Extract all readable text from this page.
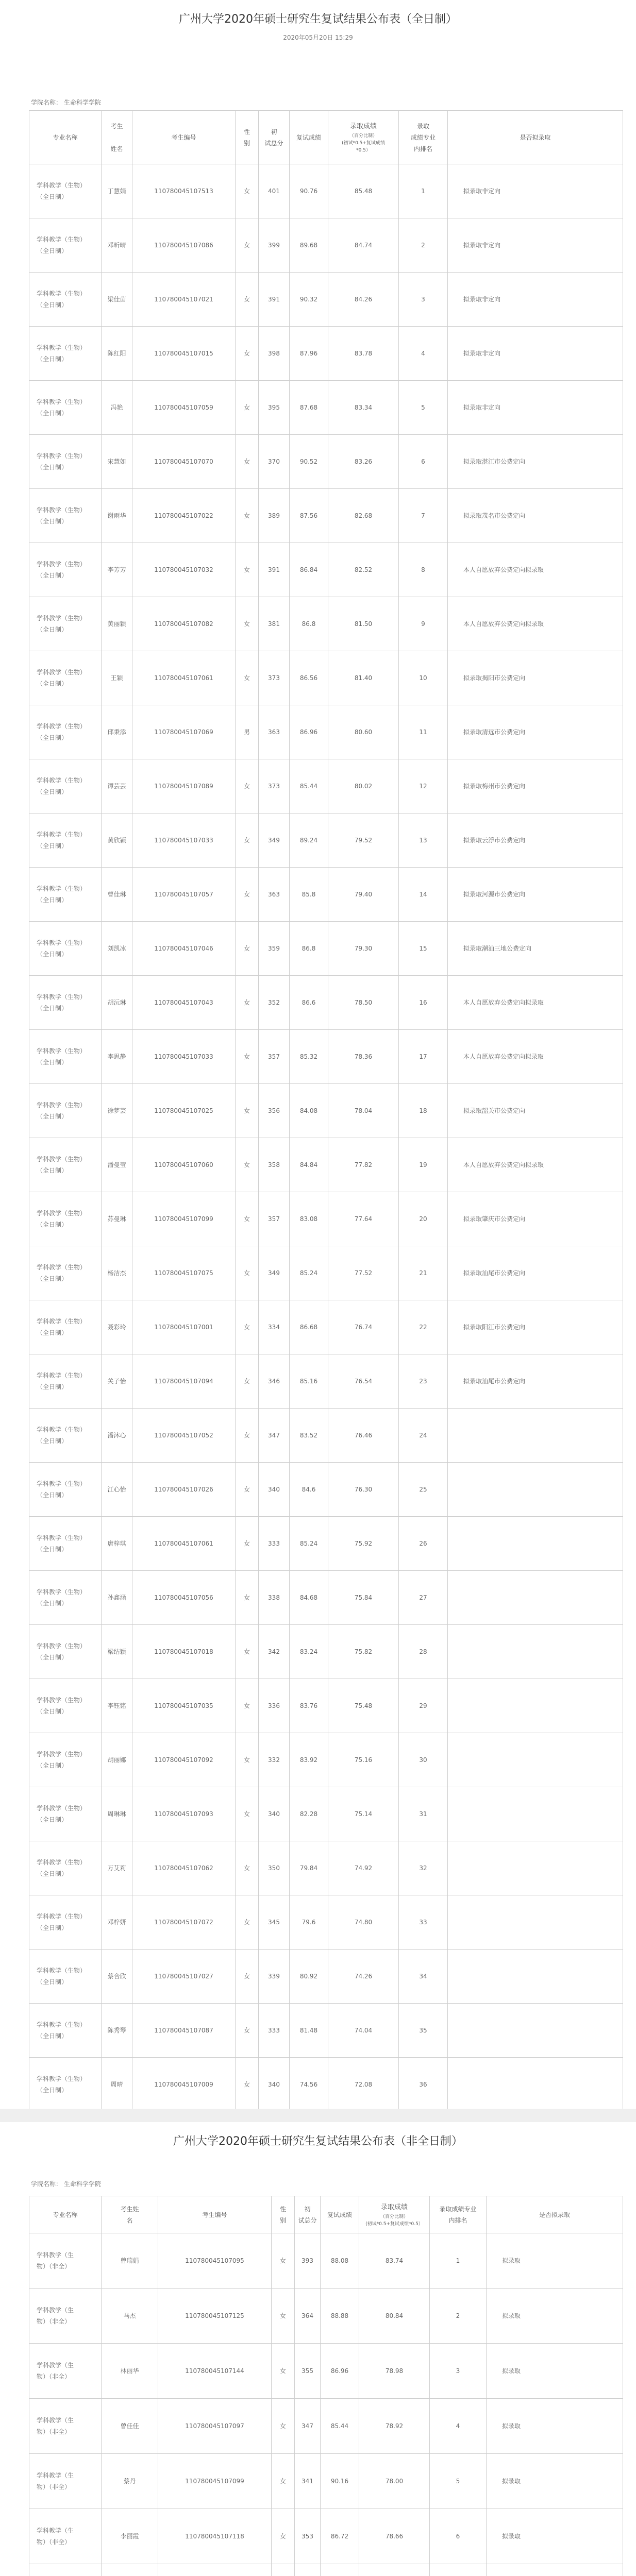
广州大学2020年硕士研究生复试结果公布表（全日制）
2020年05月20日 15:29
学院名称： 生命科学学院
专业名称	考生

姓名	考生编号	性
别	初
试总分	复试成绩	录取成绩
（百分比制）
(初试*0.5+复试成绩
*0.5）	录取
成绩专业
内排名	是否拟录取
学科教学（生物）
（全日制）	丁慧娟	110780045107513	女	401	90.76	85.48	1	拟录取非定向
学科教学（生物）
（全日制）	邓昕晴	110780045107086	女	399	89.68	84.74	2	拟录取非定向
学科教学（生物）
（全日制）	梁佳茵	110780045107021	女	391	90.32	84.26	3	拟录取非定向
学科教学（生物）
（全日制）	陈红阳	110780045107015	女	398	87.96	83.78	4	拟录取非定向
学科教学（生物）
（全日制）	冯艳	110780045107059	女	395	87.68	83.34	5	拟录取非定向
学科教学（生物）
（全日制）	宋慧如	110780045107070	女	370	90.52	83.26	6	拟录取湛江市公费定向
学科教学（生物）
（全日制）	谢雨华	110780045107022	女	389	87.56	82.68	7	拟录取茂名市公费定向
学科教学（生物）
（全日制）	李芳芳	110780045107032	女	391	86.84	82.52	8	本人自愿放弃公费定向拟录取
学科教学（生物）
（全日制）	黄丽颖	110780045107082	女	381	86.8	81.50	9	本人自愿放弃公费定向拟录取
学科教学（生物）
（全日制）	王颖	110780045107061	女	373	86.56	81.40	10	拟录取揭阳市公费定向
学科教学（生物）
（全日制）	邱秉添	110780045107069	男	363	86.96	80.60	11	拟录取清远市公费定向
学科教学（生物）
（全日制）	谭芸芸	110780045107089	女	373	85.44	80.02	12	拟录取梅州市公费定向
学科教学（生物）
（全日制）	黄欣颖	110780045107033	女	349	89.24	79.52	13	拟录取云浮市公费定向
学科教学（生物）
（全日制）	曹佳琳	110780045107057	女	363	85.8	79.40	14	拟录取河源市公费定向
学科教学（生物）
（全日制）	刘凯冰	110780045107046	女	359	86.8	79.30	15	拟录取潮汕三地公费定向
学科教学（生物）
（全日制）	胡沅琳	110780045107043	女	352	86.6	78.50	16	本人自愿放弃公费定向拟录取
学科教学（生物）
（全日制）	李思静	110780045107033	女	357	85.32	78.36	17	本人自愿放弃公费定向拟录取
学科教学（生物）
（全日制）	徐梦芸	110780045107025	女	356	84.08	78.04	18	拟录取韶关市公费定向
学科教学（生物）
（全日制）	潘曼莹	110780045107060	女	358	84.84	77.82	19	本人自愿放弃公费定向拟录取
学科教学（生物）
（全日制）	苏曼琳	110780045107099	女	357	83.08	77.64	20	拟录取肇庆市公费定向
学科教学（生物）
（全日制）	杨洁杰	110780045107075	女	349	85.24	77.52	21	拟录取汕尾市公费定向
学科教学（生物）
（全日制）	聂彩玲	110780045107001	女	334	86.68	76.74	22	拟录取阳江市公费定向
学科教学（生物）
（全日制）	关子怡	110780045107094	女	346	85.16	76.54	23	拟录取汕尾市公费定向
学科教学（生物）
（全日制）	潘沐心	110780045107052	女	347	83.52	76.46	24	
学科教学（生物）
（全日制）	江心怡	110780045107026	女	340	84.6	76.30	25	
学科教学（生物）
（全日制）	唐梓琪	110780045107061	女	333	85.24	75.92	26	
学科教学（生物）
（全日制）	孙鑫涵	110780045107056	女	338	84.68	75.84	27	
学科教学（生物）
（全日制）	梁结颖	110780045107018	女	342	83.24	75.82	28	
学科教学（生物）
（全日制）	李钰铭	110780045107035	女	336	83.76	75.48	29	
学科教学（生物）
（全日制）	胡丽娜	110780045107092	女	332	83.92	75.16	30	
学科教学（生物）
（全日制）	周琳琳	110780045107093	女	340	82.28	75.14	31	
学科教学（生物）
（全日制）	万艾莉	110780045107062	女	350	79.84	74.92	32	
学科教学（生物）
（全日制）	邓梓妍	110780045107072	女	345	79.6	74.80	33	
学科教学（生物）
（全日制）	蔡合欣	110780045107027	女	339	80.92	74.26	34	
学科教学（生物）
（全日制）	陈秀琴	110780045107087	女	333	81.48	74.04	35	
学科教学（生物）
（全日制）	周晴	110780045107009	女	340	74.56	72.08	36	
广州大学2020年硕士研究生复试结果公布表（非全日制）
学院名称： 生命科学学院
专业名称	考生姓
名	考生编号	性
别	初
试总分	复试成绩	录取成绩
（百分比制）
(初试*0.5+复试成绩*0.5）	录取成绩专业
内排名	是否拟录取
学科教学（生
物）（非全）	曾瑞娟	110780045107095	女	393	88.08	83.74	1	拟录取
学科教学（生
物）（非全）	马杰	110780045107125	女	364	88.88	80.84	2	拟录取
学科教学（生
物）（非全）	林丽华	110780045107144	女	355	86.96	78.98	3	拟录取
学科教学（生
物）（非全）	曾佳佳	110780045107097	女	347	85.44	78.92	4	拟录取
学科教学（生
物）（非全）	蔡丹	110780045107099	女	341	90.16	78.00	5	拟录取
学科教学（生
物）（非全）	李丽霞	110780045107118	女	353	86.72	78.66	6	拟录取
